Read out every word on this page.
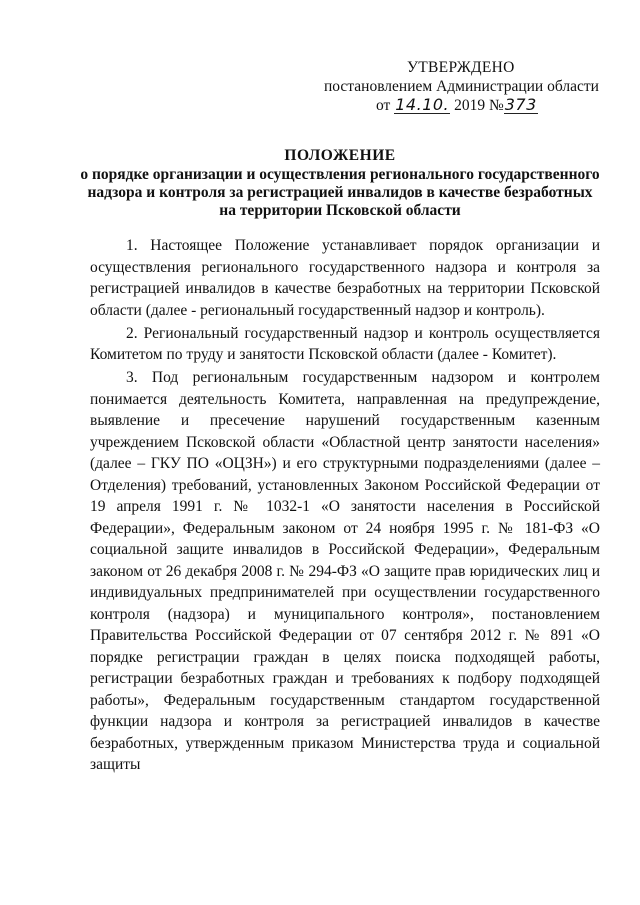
УТВЕРЖДЕНО
постановлением Администрации области
от 14.10. 2019 №373
ПОЛОЖЕНИЕ
о порядке организации и осуществления регионального государственного
надзора и контроля за регистрацией инвалидов в качестве безработных
на территории Псковской области

1. Настоящее Положение устанавливает порядок организации и осуществления регионального государственного надзора и контроля за регистрацией инвалидов в качестве безработных на территории Псковской области (далее - региональный государственный надзор и контроль).

2. Региональный государственный надзор и контроль осуществляется Комитетом по труду и занятости Псковской области (далее - Комитет).

3. Под региональным государственным надзором и контролем понимается деятельность Комитета, направленная на предупреждение, выявление и пресечение нарушений государственным казенным учреждением Псковской области «Областной центр занятости населения» (далее – ГКУ ПО «ОЦЗН») и его структурными подразделениями (далее – Отделения) требований, установленных Законом Российской Федерации от 19 апреля 1991 г. № 1032-1 «О занятости населения в Российской Федерации», Федеральным законом от 24 ноября 1995 г. № 181-ФЗ «О социальной защите инвалидов в Российской Федерации», Федеральным законом от 26 декабря 2008 г. № 294-ФЗ «О защите прав юридических лиц и индивидуальных предпринимателей при осуществлении государственного контроля (надзора) и муниципального контроля», постановлением Правительства Российской Федерации от 07 сентября 2012 г. № 891 «О порядке регистрации граждан в целях поиска подходящей работы, регистрации безработных граждан и требованиях к подбору подходящей работы», Федеральным государственным стандартом государственной функции надзора и контроля за регистрацией инвалидов в качестве безработных, утвержденным приказом Министерства труда и социальной защиты
